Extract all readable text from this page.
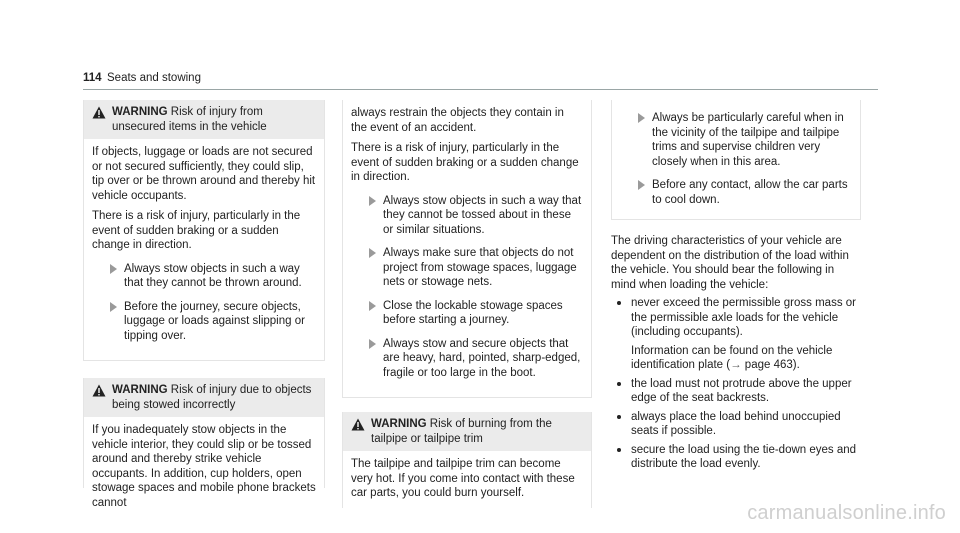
114 Seats and stowing
WARNING Risk of injury from unsecured items in the vehicle
If objects, luggage or loads are not secured or not secured sufficiently, they could slip, tip over or be thrown around and thereby hit vehicle occupants.
There is a risk of injury, particularly in the event of sudden braking or a sudden change in direction.
Always stow objects in such a way that they cannot be thrown around.
Before the journey, secure objects, luggage or loads against slipping or tipping over.
WARNING Risk of injury due to objects being stowed incorrectly
If you inadequately stow objects in the vehicle interior, they could slip or be tossed around and thereby strike vehicle occupants. In addition, cup holders, open stowage spaces and mobile phone brackets cannot
always restrain the objects they contain in the event of an accident.
There is a risk of injury, particularly in the event of sudden braking or a sudden change in direction.
Always stow objects in such a way that they cannot be tossed about in these or similar situations.
Always make sure that objects do not project from stowage spaces, luggage nets or stowage nets.
Close the lockable stowage spaces before starting a journey.
Always stow and secure objects that are heavy, hard, pointed, sharp-edged, fragile or too large in the boot.
WARNING Risk of burning from the tailpipe or tailpipe trim
The tailpipe and tailpipe trim can become very hot. If you come into contact with these car parts, you could burn yourself.
Always be particularly careful when in the vicinity of the tailpipe and tailpipe trims and supervise children very closely when in this area.
Before any contact, allow the car parts to cool down.
The driving characteristics of your vehicle are dependent on the distribution of the load within the vehicle. You should bear the following in mind when loading the vehicle:
never exceed the permissible gross mass or the permissible axle loads for the vehicle (including occupants).
Information can be found on the vehicle identification plate (→ page 463).
the load must not protrude above the upper edge of the seat backrests.
always place the load behind unoccupied seats if possible.
secure the load using the tie-down eyes and distribute the load evenly.
carmanualsonline.info
